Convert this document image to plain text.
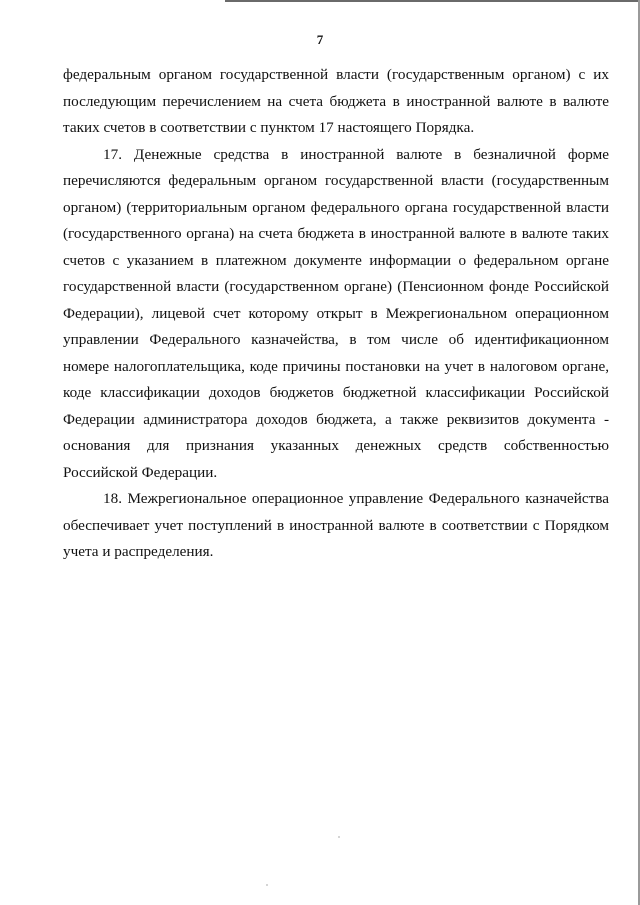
7

федеральным органом государственной власти (государственным органом) с их последующим перечислением на счета бюджета в иностранной валюте в валюте таких счетов в соответствии с пунктом 17 настоящего Порядка.

17. Денежные средства в иностранной валюте в безналичной форме перечисляются федеральным органом государственной власти (государственным органом) (территориальным органом федерального органа государственной власти (государственного органа) на счета бюджета в иностранной валюте в валюте таких счетов с указанием в платежном документе информации о федеральном органе государственной власти (государственном органе) (Пенсионном фонде Российской Федерации), лицевой счет которому открыт в Межрегиональном операционном управлении Федерального казначейства, в том числе об идентификационном номере налогоплательщика, коде причины постановки на учет в налоговом органе, коде классификации доходов бюджетов бюджетной классификации Российской Федерации администратора доходов бюджета, а также реквизитов документа - основания для признания указанных денежных средств собственностью Российской Федерации.

18. Межрегиональное операционное управление Федерального казначейства обеспечивает учет поступлений в иностранной валюте в соответствии с Порядком учета и распределения.
